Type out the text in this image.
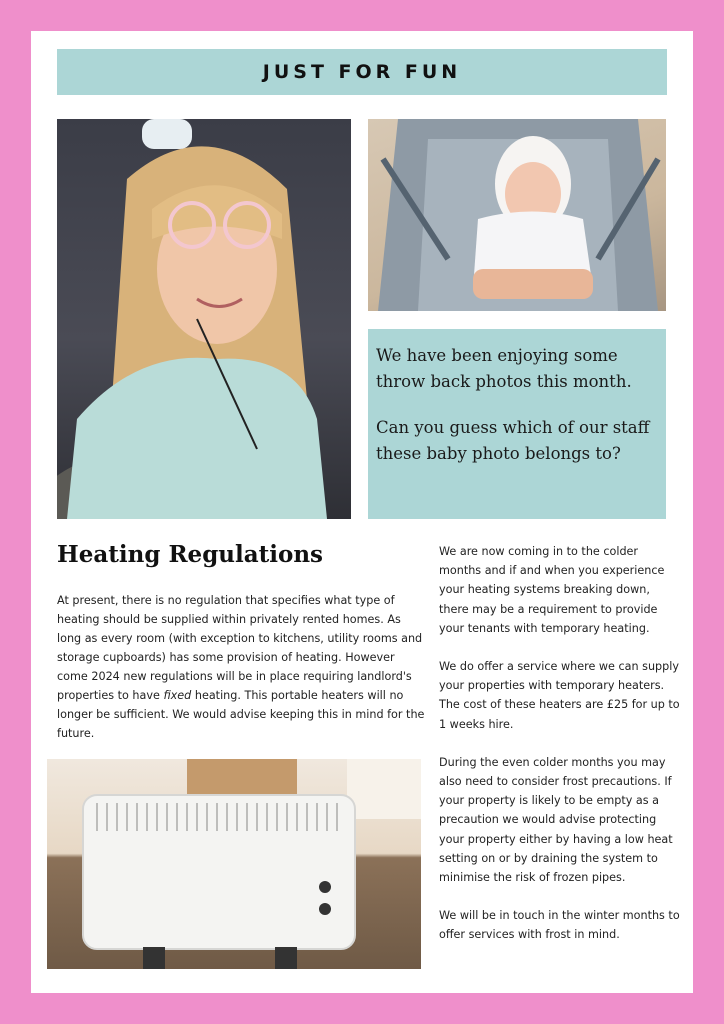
JUST FOR FUN

We have been enjoying some throw back photos this month.

Can you guess which of our staff these baby photo belongs to?

Heating Regulations

At present, there is no regulation that specifies what type of heating should be supplied within privately rented homes. As long as every room (with exception to kitchens, utility rooms and storage cupboards) has some provision of heating. However come 2024 new regulations will be in place requiring landlord's properties to have fixed heating. This portable heaters will no longer be sufficient. We would advise keeping this in mind for the future.

We are now coming in to the colder months and if and when you experience your heating systems breaking down, there may be a requirement to provide your tenants with temporary heating.

We do offer a service where we can supply your properties with temporary heaters. The cost of these heaters are £25 for up to 1 weeks hire.

During the even colder months you may also need to consider frost precautions. If your property is likely to be empty as a precaution we would advise protecting your property either by having a low heat setting on or by draining the system to minimise the risk of frozen pipes.

We will be in touch in the winter months to offer services with frost in mind.
